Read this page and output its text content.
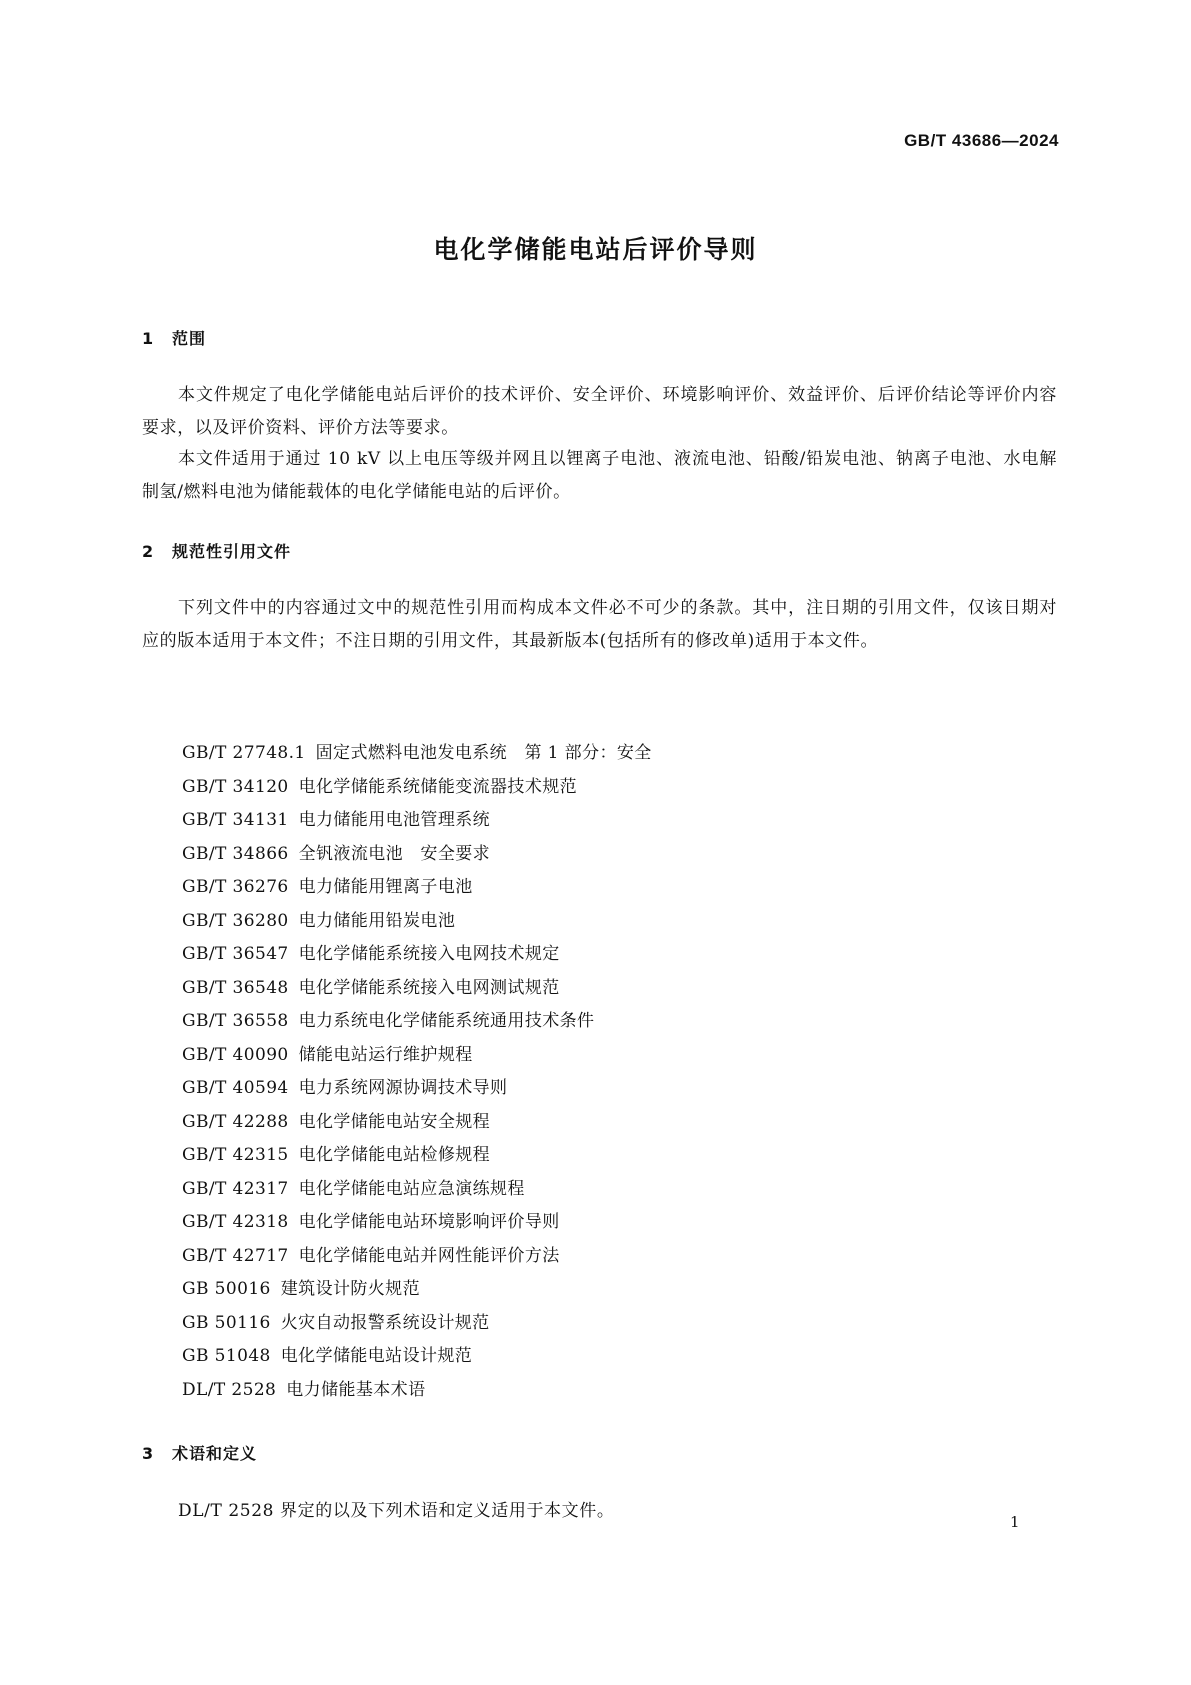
GB/T 43686—2024
电化学储能电站后评价导则
1 范围
本文件规定了电化学储能电站后评价的技术评价、安全评价、环境影响评价、效益评价、后评价结论等评价内容要求，以及评价资料、评价方法等要求。
本文件适用于通过 10 kV 以上电压等级并网且以锂离子电池、液流电池、铅酸/铅炭电池、钠离子电池、水电解制氢/燃料电池为储能载体的电化学储能电站的后评价。
2 规范性引用文件
下列文件中的内容通过文中的规范性引用而构成本文件必不可少的条款。其中，注日期的引用文件，仅该日期对应的版本适用于本文件；不注日期的引用文件，其最新版本(包括所有的修改单)适用于本文件。
GB/T 27748.1 固定式燃料电池发电系统　第 1 部分：安全
GB/T 34120 电化学储能系统储能变流器技术规范
GB/T 34131 电力储能用电池管理系统
GB/T 34866 全钒液流电池　安全要求
GB/T 36276 电力储能用锂离子电池
GB/T 36280 电力储能用铅炭电池
GB/T 36547 电化学储能系统接入电网技术规定
GB/T 36548 电化学储能系统接入电网测试规范
GB/T 36558 电力系统电化学储能系统通用技术条件
GB/T 40090 储能电站运行维护规程
GB/T 40594 电力系统网源协调技术导则
GB/T 42288 电化学储能电站安全规程
GB/T 42315 电化学储能电站检修规程
GB/T 42317 电化学储能电站应急演练规程
GB/T 42318 电化学储能电站环境影响评价导则
GB/T 42717 电化学储能电站并网性能评价方法
GB 50016 建筑设计防火规范
GB 50116 火灾自动报警系统设计规范
GB 51048 电化学储能电站设计规范
DL/T 2528 电力储能基本术语
3 术语和定义
DL/T 2528 界定的以及下列术语和定义适用于本文件。
1
